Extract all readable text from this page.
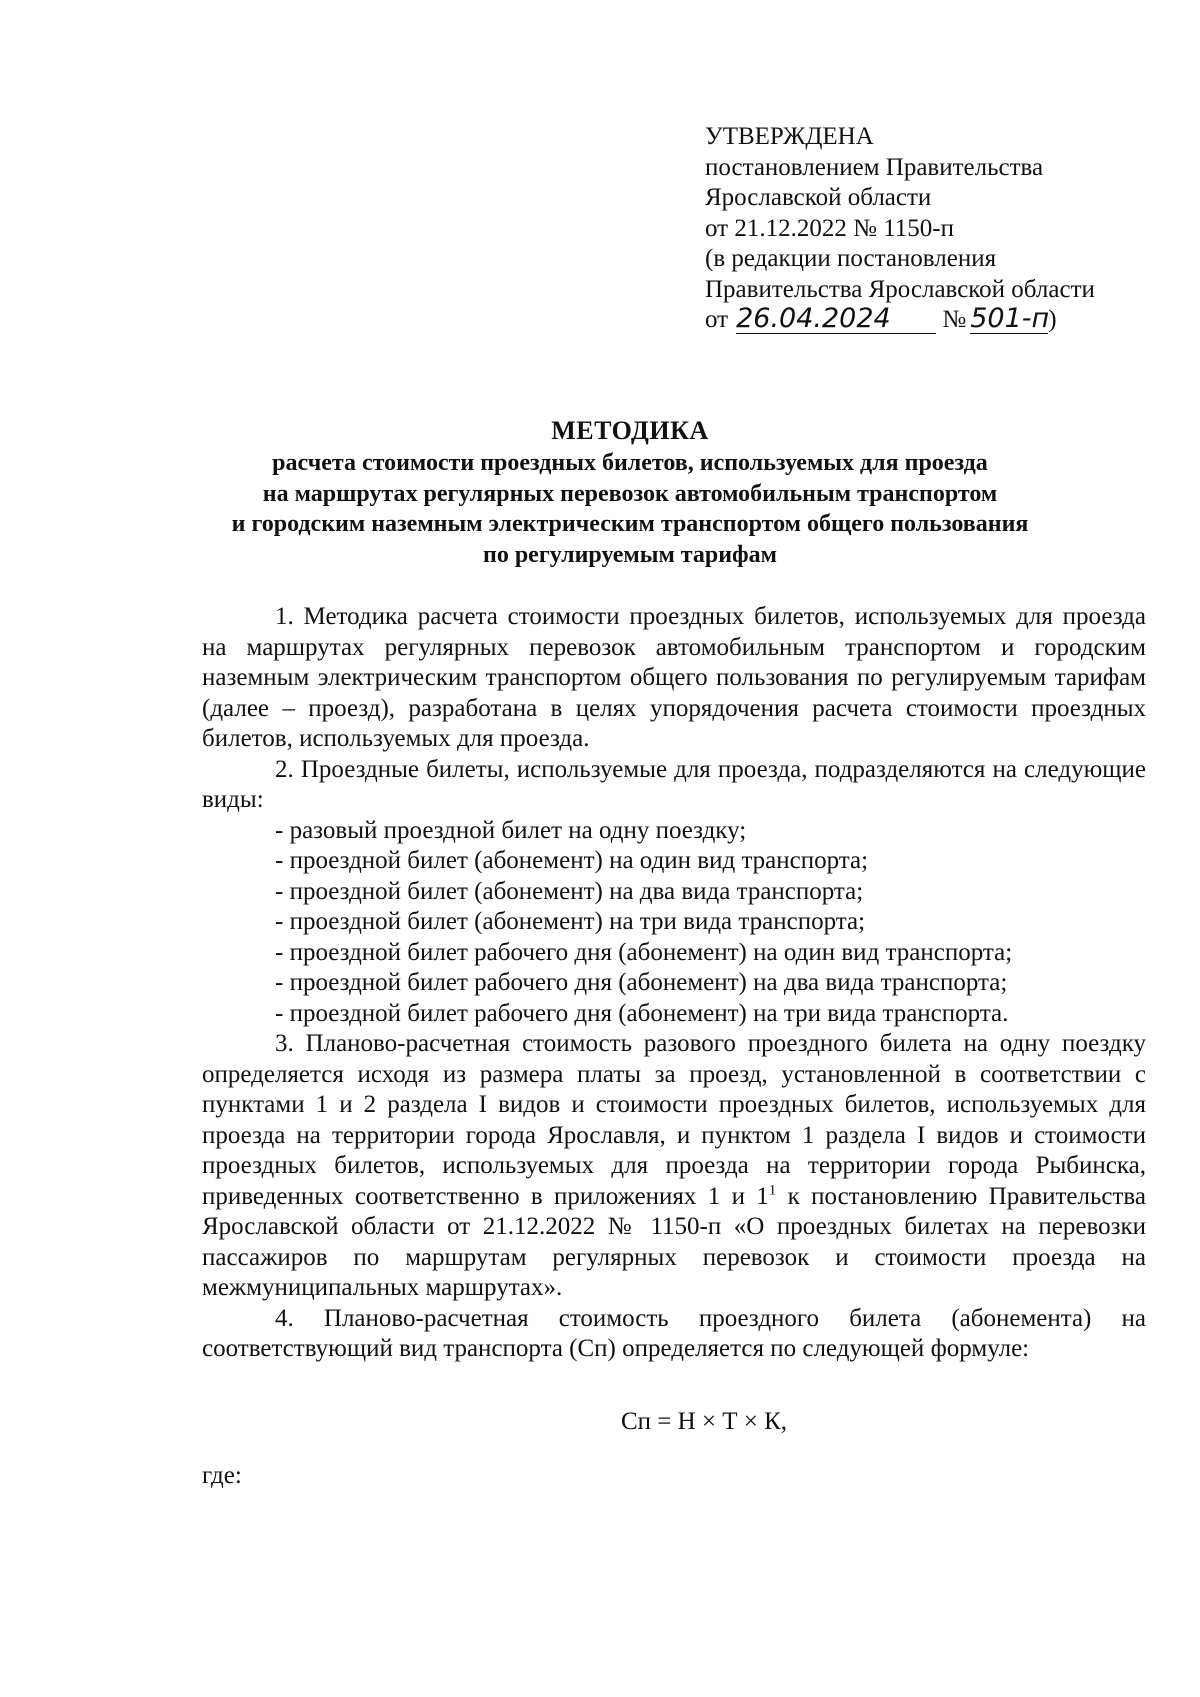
УТВЕРЖДЕНА
постановлением Правительства
Ярославской области
от 21.12.2022 № 1150-п
(в редакции постановления
Правительства Ярославской области
от 26.04.2024 № 501-п)
МЕТОДИКА
расчета стоимости проездных билетов, используемых для проезда
на маршрутах регулярных перевозок автомобильным транспортом
и городским наземным электрическим транспортом общего пользования
по регулируемым тарифам

1. Методика расчета стоимости проездных билетов, используемых для проезда на маршрутах регулярных перевозок автомобильным транспортом и городским наземным электрическим транспортом общего пользования по регулируемым тарифам (далее – проезд), разработана в целях упорядочения расчета стоимости проездных билетов, используемых для проезда.

2. Проездные билеты, используемые для проезда, подразделяются на следующие виды:

- разовый проездной билет на одну поездку;

- проездной билет (абонемент) на один вид транспорта;

- проездной билет (абонемент) на два вида транспорта;

- проездной билет (абонемент) на три вида транспорта;

- проездной билет рабочего дня (абонемент) на один вид транспорта;

- проездной билет рабочего дня (абонемент) на два вида транспорта;

- проездной билет рабочего дня (абонемент) на три вида транспорта.

3. Планово-расчетная стоимость разового проездного билета на одну поездку определяется исходя из размера платы за проезд, установленной в соответствии с пунктами 1 и 2 раздела I видов и стоимости проездных билетов, используемых для проезда на территории города Ярославля, и пунктом 1 раздела I видов и стоимости проездных билетов, используемых для проезда на территории города Рыбинска, приведенных соответственно в приложениях 1 и $1^1$ к постановлению Правительства Ярославской области от 21.12.2022 № 1150-п «О проездных билетах на перевозки пассажиров по маршрутам регулярных перевозок и стоимости проезда на межмуниципальных маршрутах».

4. Планово-расчетная стоимость проездного билета (абонемента) на соответствующий вид транспорта (Сп) определяется по следующей формуле:

Сп = Н × Т × К,

где:
